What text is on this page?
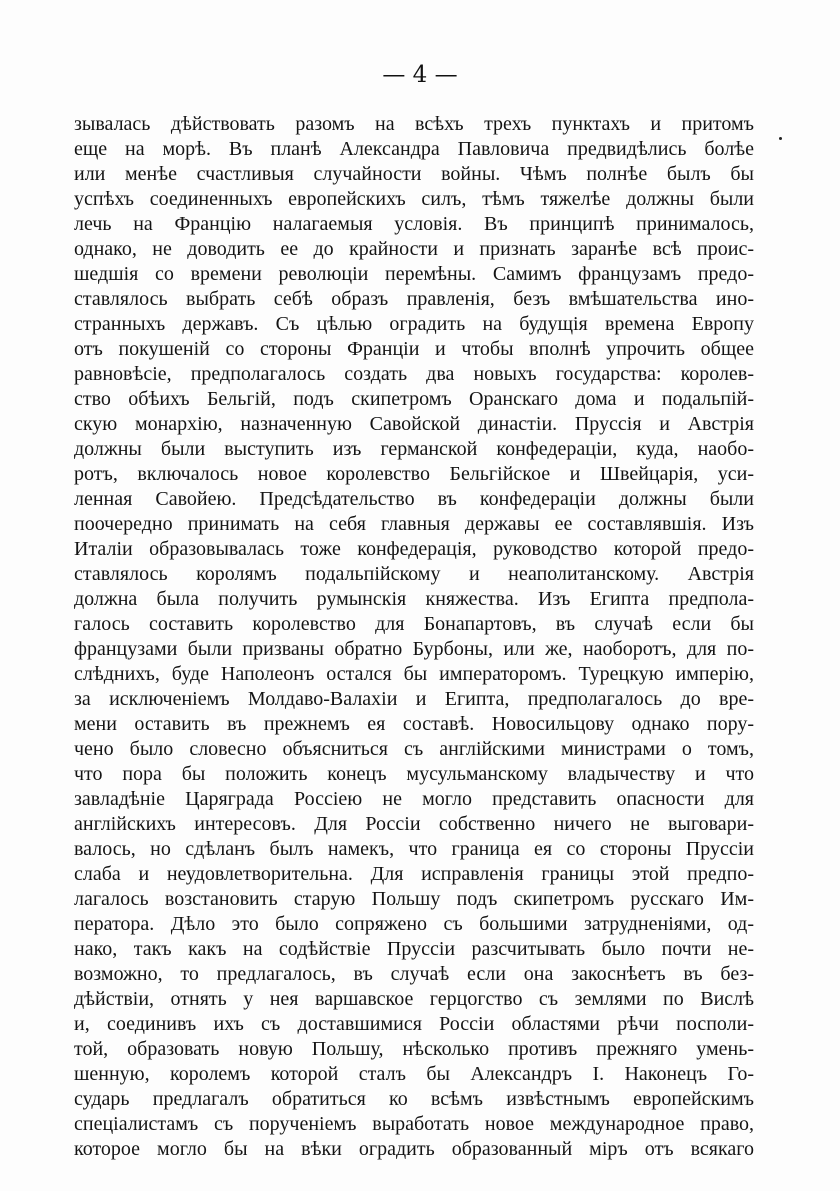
— 4 —
зывалась дѣйствовать разомъ на всѣхъ трехъ пунктахъ и притомъ
еще на морѣ. Въ планѣ Александра Павловича предвидѣлись болѣе
или менѣе счастливыя случайности войны. Чѣмъ полнѣе былъ бы
успѣхъ соединенныхъ европейскихъ силъ, тѣмъ тяжелѣе должны были
лечь на Францію налагаемыя условія. Въ принципѣ принималось,
однако, не доводить ее до крайности и признать заранѣе всѣ проис-
шедшія со времени революціи перемѣны. Самимъ французамъ предо-
ставлялось выбрать себѣ образъ правленія, безъ вмѣшательства ино-
странныхъ державъ. Съ цѣлью оградить на будущія времена Европу
отъ покушеній со стороны Франціи и чтобы вполнѣ упрочить общее
равновѣсіе, предполагалось создать два новыхъ государства: королев-
ство обѣихъ Бельгій, подъ скипетромъ Оранскаго дома и подальпій-
скую монархію, назначенную Савойской династіи. Пруссія и Австрія
должны были выступить изъ германской конфедераціи, куда, наобо-
ротъ, включалось новое королевство Бельгійское и Швейцарія, уси-
ленная Савойею. Предсѣдательство въ конфедераціи должны были
поочередно принимать на себя главныя державы ее составлявшія. Изъ
Италіи образовывалась тоже конфедерація, руководство которой предо-
ставлялось королямъ подальпійскому и неаполитанскому. Австрія
должна была получить румынскія княжества. Изъ Египта предпола-
галось составить королевство для Бонапартовъ, въ случаѣ если бы
французами были призваны обратно Бурбоны, или же, наоборотъ, для по-
слѣднихъ, буде Наполеонъ остался бы императоромъ. Турецкую имперію,
за исключеніемъ Молдаво-Валахіи и Египта, предполагалось до вре-
мени оставить въ прежнемъ ея составѣ. Новосильцову однако пору-
чено было словесно объясниться съ англійскими министрами о томъ,
что пора бы положить конецъ мусульманскому владычеству и что
завладѣніе Царяграда Россіею не могло представить опасности для
англійскихъ интересовъ. Для Россіи собственно ничего не выговари-
валось, но сдѣланъ былъ намекъ, что граница ея со стороны Пруссіи
слаба и неудовлетворительна. Для исправленія границы этой предпо-
лагалось возстановить старую Польшу подъ скипетромъ русскаго Им-
ператора. Дѣло это было сопряжено съ большими затрудненіями, од-
нако, такъ какъ на содѣйствіе Пруссіи разсчитывать было почти не-
возможно, то предлагалось, въ случаѣ если она закоснѣетъ въ без-
дѣйствіи, отнять у нея варшавское герцогство съ землями по Вислѣ
и, соединивъ ихъ съ доставшимися Россіи областями рѣчи посполи-
той, образовать новую Польшу, нѣсколько противъ прежняго умень-
шенную, королемъ которой сталъ бы Александръ I. Наконецъ Го-
сударь предлагалъ обратиться ко всѣмъ извѣстнымъ европейскимъ
спеціалистамъ съ порученіемъ выработать новое международное право,
которое могло бы на вѣки оградить образованный міръ отъ всякаго
